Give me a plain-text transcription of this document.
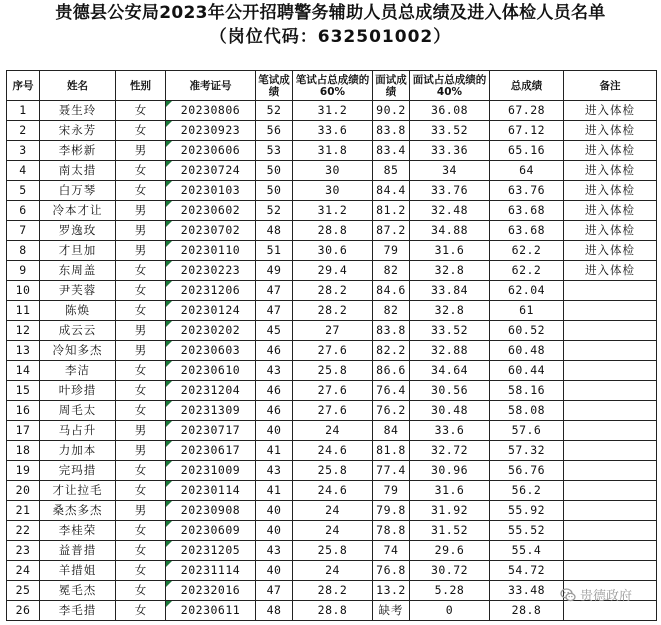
贵德县公安局2023年公开招聘警务辅助人员总成绩及进入体检人员名单
（岗位代码：632501002）
序号	姓名	性别	准考证号	笔试成绩	笔试占总成绩的60%	面试成绩	面试占总成绩的40%	总成绩	备注
1	聂生玲	女	20230806	52	31.2	90.2	36.08	67.28	进入体检
2	宋永芳	女	20230923	56	33.6	83.8	33.52	67.12	进入体检
3	李彬新	男	20230606	53	31.8	83.4	33.36	65.16	进入体检
4	南太措	女	20230724	50	30	85	34	64	进入体检
5	白万琴	女	20230103	50	30	84.4	33.76	63.76	进入体检
6	冷本才让	男	20230602	52	31.2	81.2	32.48	63.68	进入体检
7	罗逸玫	男	20230702	48	28.8	87.2	34.88	63.68	进入体检
8	才旦加	男	20230110	51	30.6	79	31.6	62.2	进入体检
9	东周盖	女	20230223	49	29.4	82	32.8	62.2	进入体检
10	尹芙蓉	女	20231206	47	28.2	84.6	33.84	62.04	
11	陈焕	女	20230124	47	28.2	82	32.8	61	
12	成云云	男	20230202	45	27	83.8	33.52	60.52	
13	冷知多杰	男	20230603	46	27.6	82.2	32.88	60.48	
14	李洁	女	20230610	43	25.8	86.6	34.64	60.44	
15	叶珍措	女	20231204	46	27.6	76.4	30.56	58.16	
16	周毛太	女	20231309	46	27.6	76.2	30.48	58.08	
17	马占升	男	20230717	40	24	84	33.6	57.6	
18	力加本	男	20230617	41	24.6	81.8	32.72	57.32	
19	完玛措	女	20231009	43	25.8	77.4	30.96	56.76	
20	才让拉毛	女	20230114	41	24.6	79	31.6	56.2	
21	桑杰多杰	男	20230908	40	24	79.8	31.92	55.92	
22	李桂荣	女	20230609	40	24	78.8	31.52	55.52	
23	益普措	女	20231205	43	25.8	74	29.6	55.4	
24	羊措姐	女	20231114	40	24	76.8	30.72	54.72	
25	冕毛杰	女	20232016	47	28.2	13.2	5.28	33.48	
26	李毛措	女	20230611	48	28.8	缺考	0	28.8	
贵德政府
